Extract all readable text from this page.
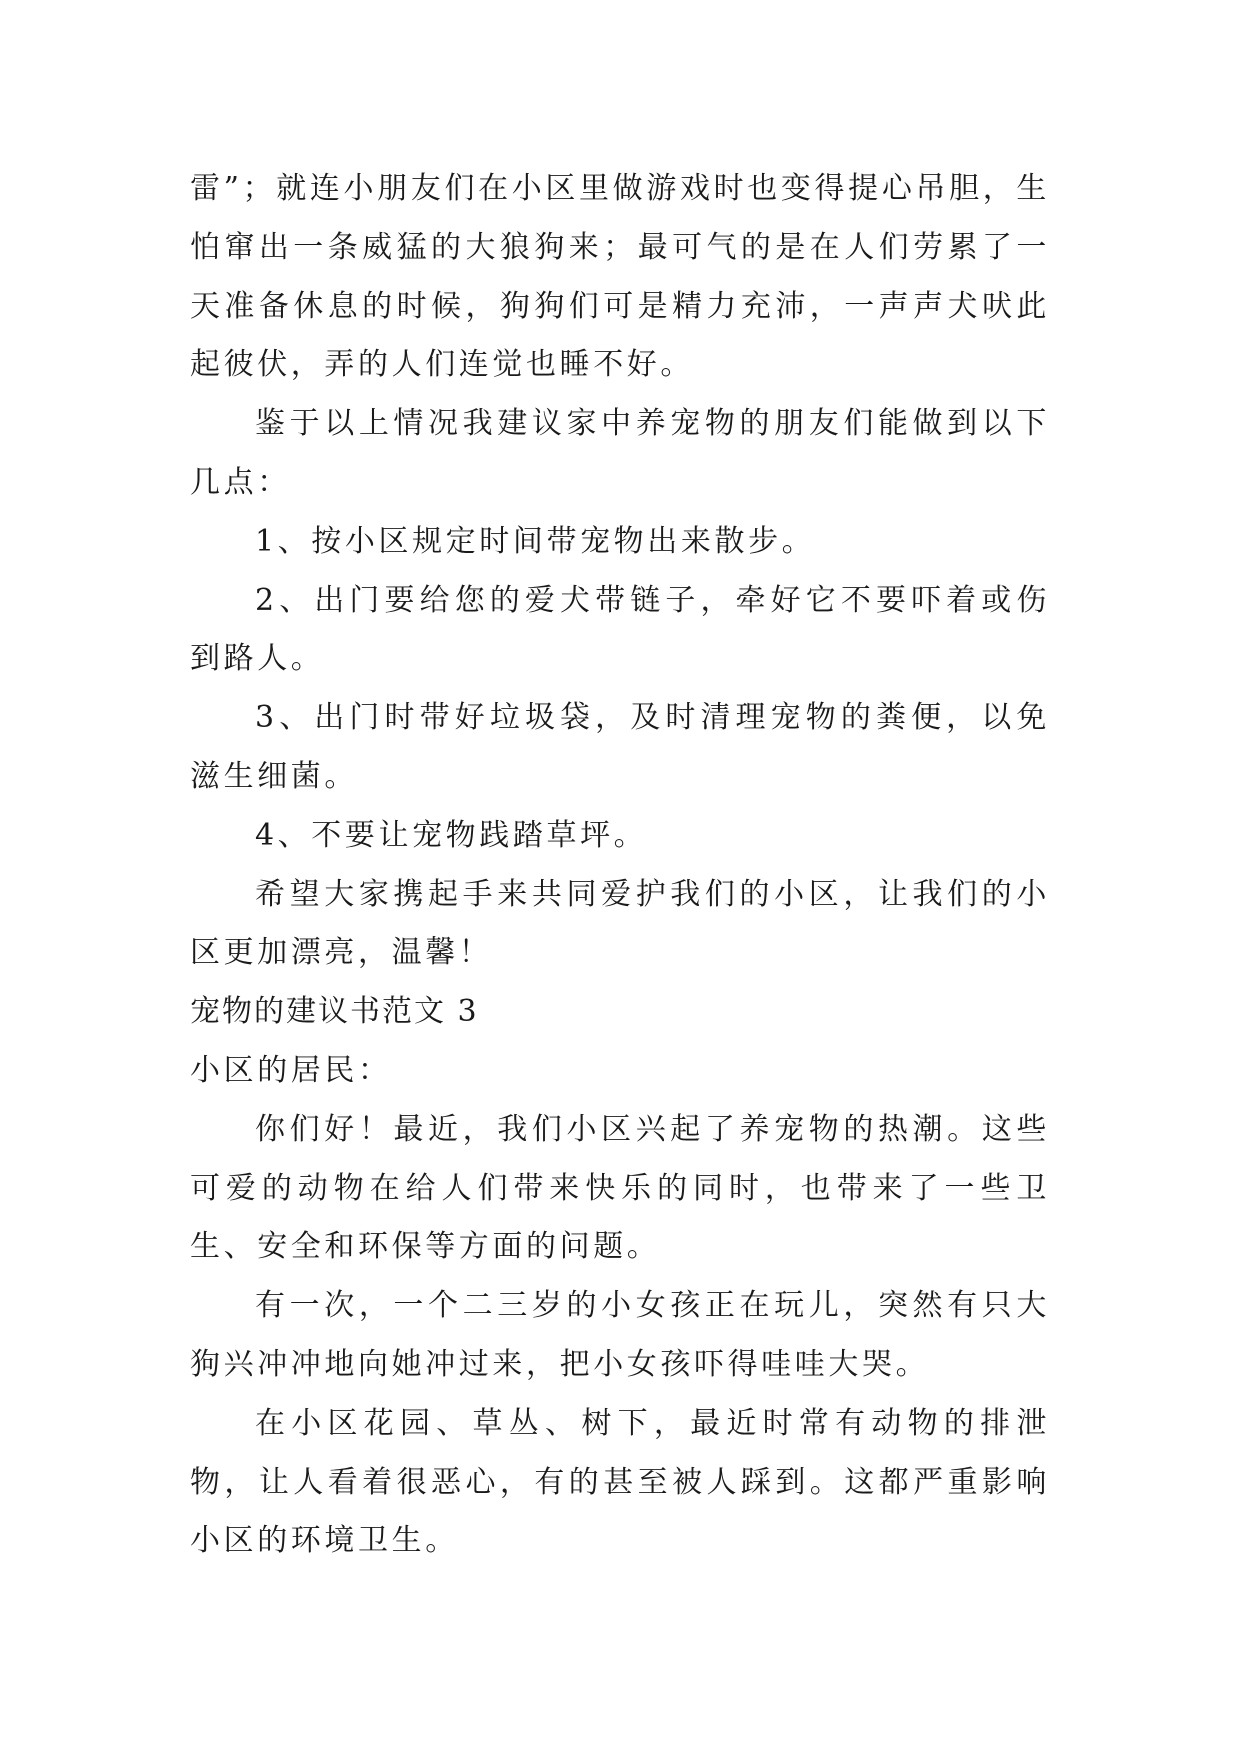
雷”；就连小朋友们在小区里做游戏时也变得提心吊胆，生怕窜出一条威猛的大狼狗来；最可气的是在人们劳累了一天准备休息的时候，狗狗们可是精力充沛，一声声犬吠此起彼伏，弄的人们连觉也睡不好。

鉴于以上情况我建议家中养宠物的朋友们能做到以下几点：

1、按小区规定时间带宠物出来散步。

2、出门要给您的爱犬带链子，牵好它不要吓着或伤到路人。

3、出门时带好垃圾袋，及时清理宠物的粪便，以免滋生细菌。

4、不要让宠物践踏草坪。

希望大家携起手来共同爱护我们的小区，让我们的小区更加漂亮，温馨！

宠物的建议书范文 3

小区的居民：

你们好！最近，我们小区兴起了养宠物的热潮。这些可爱的动物在给人们带来快乐的同时，也带来了一些卫生、安全和环保等方面的问题。

有一次，一个二三岁的小女孩正在玩儿，突然有只大狗兴冲冲地向她冲过来，把小女孩吓得哇哇大哭。

在小区花园、草丛、树下，最近时常有动物的排泄物，让人看着很恶心，有的甚至被人踩到。这都严重影响小区的环境卫生。
